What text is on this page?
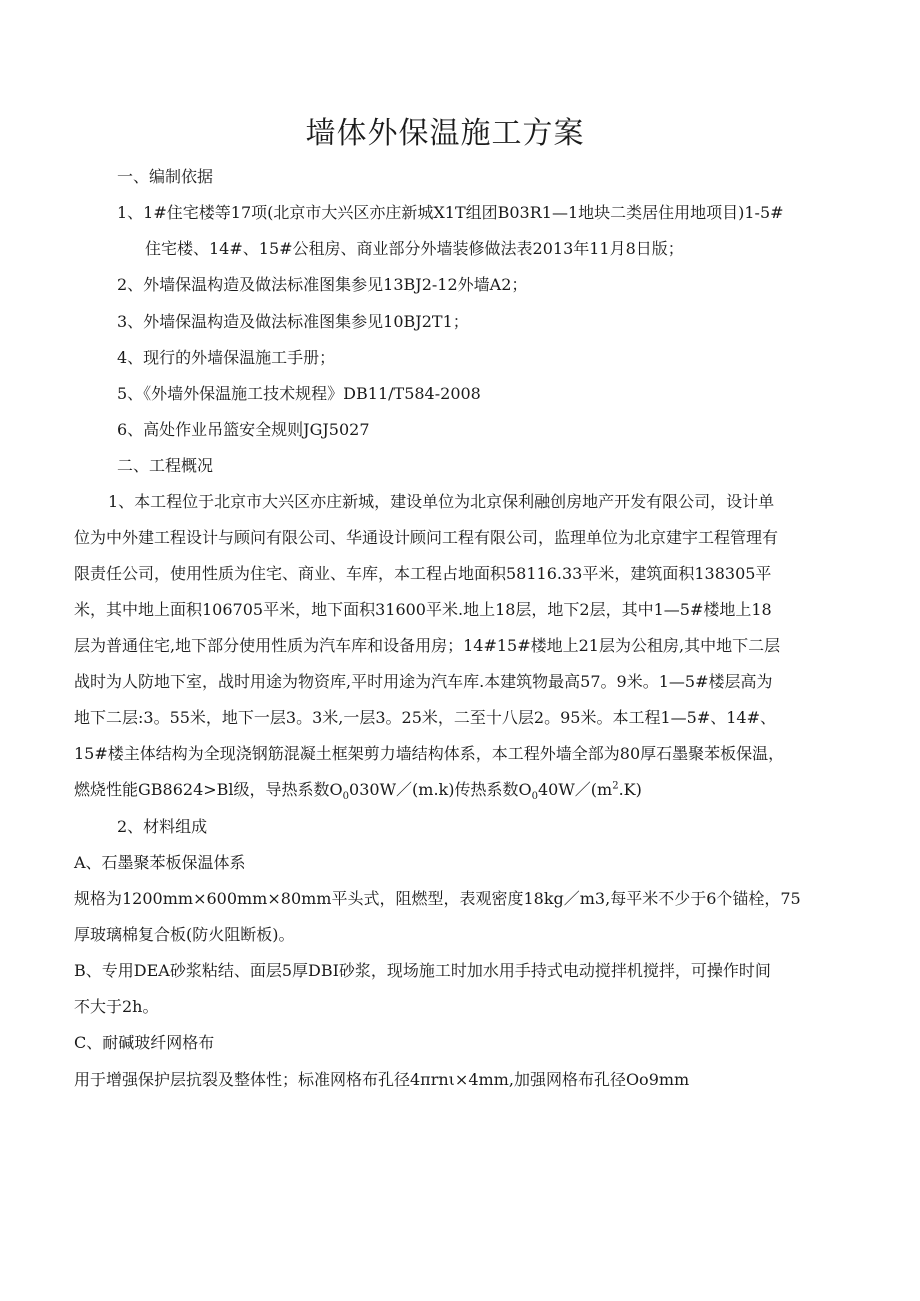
墙体外保温施工方案
一、编制依据
1、1#住宅楼等17项(北京市大兴区亦庄新城X1T组团B03R1—1地块二类居住用地项目)1-5#
住宅楼、14#、15#公租房、商业部分外墙装修做法表2013年11月8日版；
2、外墙保温构造及做法标准图集参见13BJ2-12外墙A2；
3、外墙保温构造及做法标准图集参见10BJ2T1；
4、现行的外墙保温施工手册；
5、《外墙外保温施工技术规程》DB11/T584-2008
6、高处作业吊篮安全规则JGJ5027
二、工程概况
1、本工程位于北京市大兴区亦庄新城，建设单位为北京保利融创房地产开发有限公司，设计单
位为中外建工程设计与顾问有限公司、华通设计顾问工程有限公司，监理单位为北京建宇工程管理有
限责任公司，使用性质为住宅、商业、车库，本工程占地面积58116.33平米，建筑面积138305平
米，其中地上面积106705平米，地下面积31600平米.地上18层，地下2层，其中1—5#楼地上18
层为普通住宅,地下部分使用性质为汽车库和设备用房；14#15#楼地上21层为公租房,其中地下二层
战时为人防地下室，战时用途为物资库,平时用途为汽车库.本建筑物最高57。9米。1—5#楼层高为
地下二层:3。55米，地下一层3。3米,一层3。25米，二至十八层2。95米。本工程1—5#、14#、
15#楼主体结构为全现浇钢筋混凝土框架剪力墙结构体系，本工程外墙全部为80厚石墨聚苯板保温，
燃烧性能GB8624>Bl级，导热系数$O_0030W/(m.k)$传热系数$O_040W/(m^2.K)$
2、材料组成
A、石墨聚苯板保温体系
规格为1200mm×600mm×80mm平头式，阻燃型，表观密度18kg／m3,每平米不少于6个锚栓，75
厚玻璃棉复合板(防火阻断板)。
B、专用DEA砂浆粘结、面层5厚DBI砂浆，现场施工时加水用手持式电动搅拌机搅拌，可操作时间
不大于2h。
C、耐碱玻纤网格布
用于增强保护层抗裂及整体性；标准网格布孔径4πrnι×4mm,加强网格布孔径Oo9mm
